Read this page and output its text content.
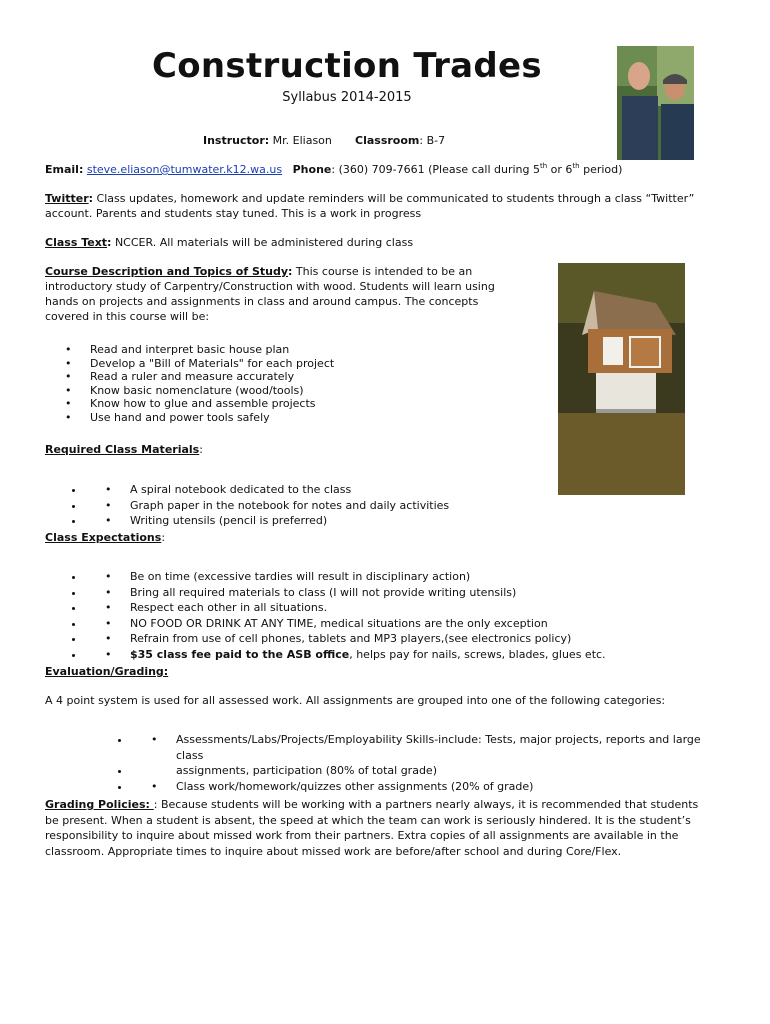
Construction Trades
Syllabus 2014-2015
Instructor: Mr. Eliason Classroom: B-7
Email: steve.eliason@tumwater.k12.wa.us Phone: (360) 709-7661 (Please call during 5th or 6th period)
Twitter: Class updates, homework and update reminders will be communicated to students through a class “Twitter”
account. Parents and students stay tuned. This is a work in progress
Class Text: NCCER. All materials will be administered during class
Course Description and Topics of Study: This course is intended to be an
introductory study of Carpentry/Construction with wood. Students will learn using
hands on projects and assignments in class and around campus. The concepts
covered in this course will be:
• Read and interpret basic house plan
• Develop a "Bill of Materials" for each project
• Read a ruler and measure accurately
• Know basic nomenclature (wood/tools)
• Know how to glue and assemble projects
• Use hand and power tools safely
Required Class Materials:
• • A spiral notebook dedicated to the class
• • Graph paper in the notebook for notes and daily activities
• • Writing utensils (pencil is preferred)
Class Expectations:
• • Be on time (excessive tardies will result in disciplinary action)
• • Bring all required materials to class (I will not provide writing utensils)
• • Respect each other in all situations.
• • NO FOOD OR DRINK AT ANY TIME, medical situations are the only exception
• • Refrain from use of cell phones, tablets and MP3 players,(see electronics policy)
• • $35 class fee paid to the ASB office, helps pay for nails, screws, blades, glues etc.
Evaluation/Grading:
A 4 point system is used for all assessed work. All assignments are grouped into one of the following categories:
• • Assessments/Labs/Projects/Employability Skills-include: Tests, major projects, reports and large class
• assignments, participation (80% of total grade)
• • Class work/homework/quizzes other assignments (20% of grade)
Grading Policies: : Because students will be working with a partners nearly always, it is recommended that students
be present. When a student is absent, the speed at which the team can work is seriously hindered. It is the student’s
responsibility to inquire about missed work from their partners. Extra copies of all assignments are available in the
classroom. Appropriate times to inquire about missed work are before/after school and during Core/Flex.
